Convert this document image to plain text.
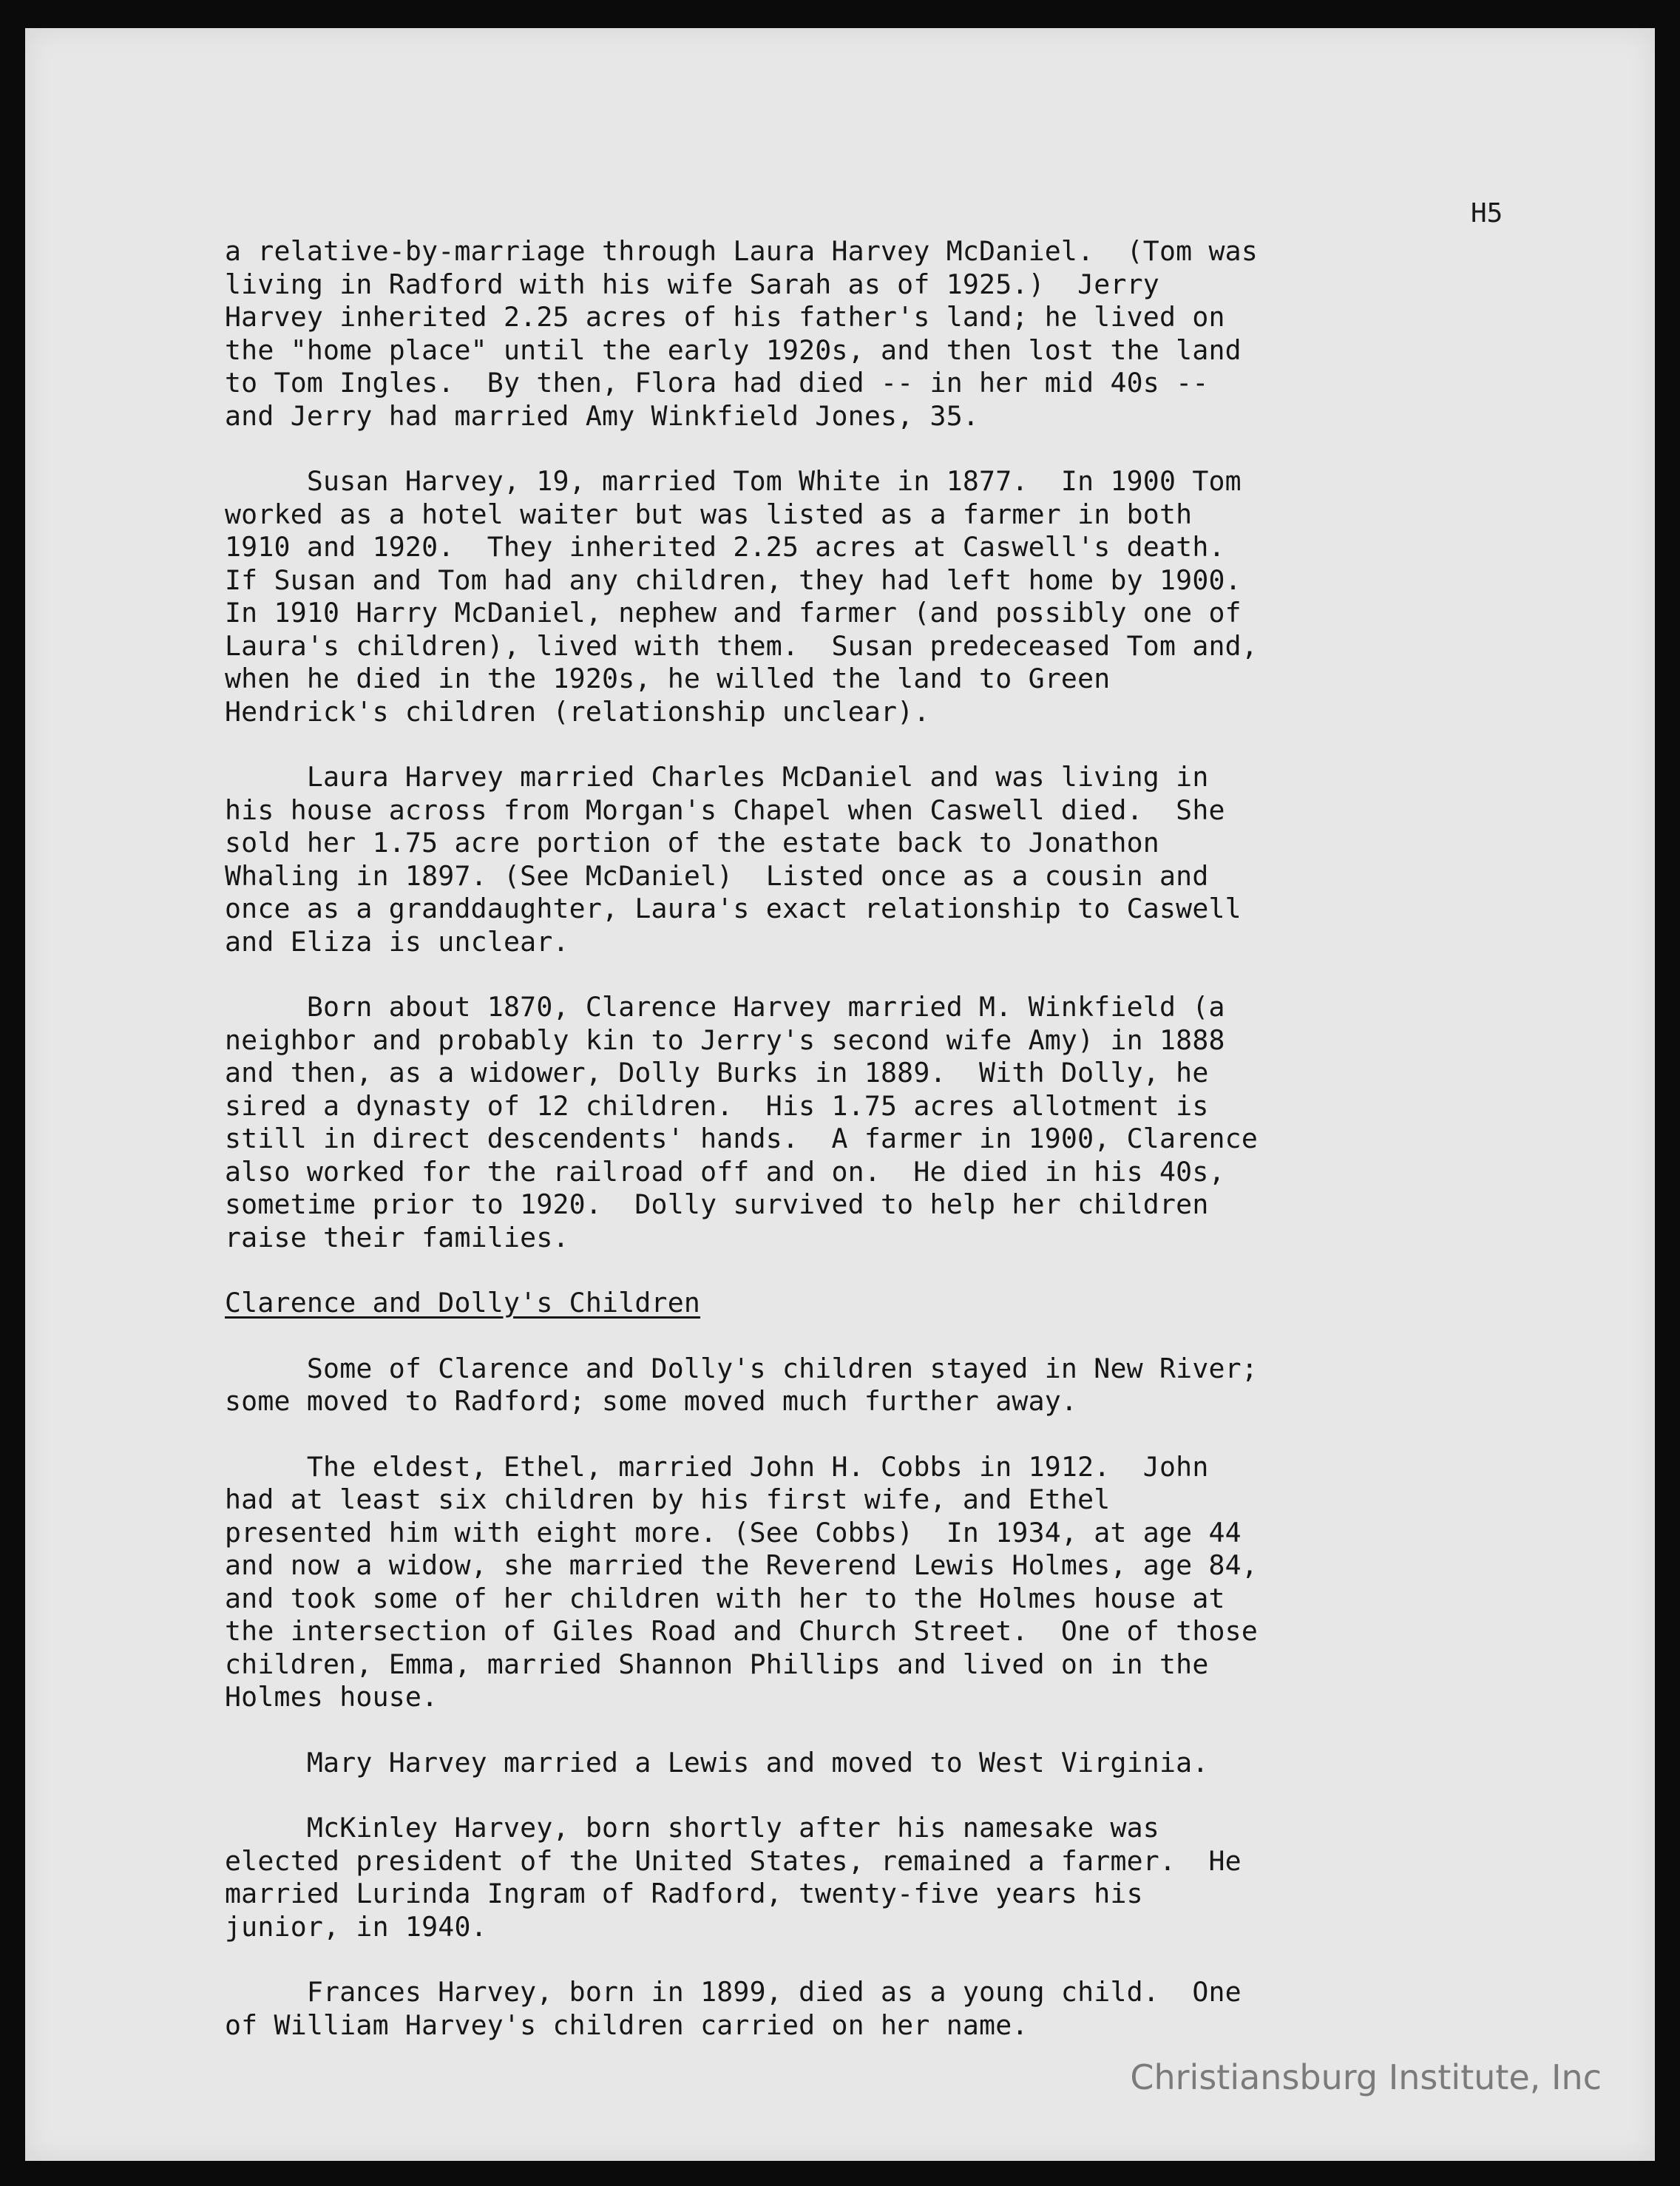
H5
a relative-by-marriage through Laura Harvey McDaniel.  (Tom was
living in Radford with his wife Sarah as of 1925.)  Jerry
Harvey inherited 2.25 acres of his father's land; he lived on
the "home place" until the early 1920s, and then lost the land
to Tom Ingles.  By then, Flora had died -- in her mid 40s --
and Jerry had married Amy Winkfield Jones, 35.
Susan Harvey, 19, married Tom White in 1877.  In 1900 Tom
worked as a hotel waiter but was listed as a farmer in both
1910 and 1920.  They inherited 2.25 acres at Caswell's death.
If Susan and Tom had any children, they had left home by 1900.
In 1910 Harry McDaniel, nephew and farmer (and possibly one of
Laura's children), lived with them.  Susan predeceased Tom and,
when he died in the 1920s, he willed the land to Green
Hendrick's children (relationship unclear).
Laura Harvey married Charles McDaniel and was living in
his house across from Morgan's Chapel when Caswell died.  She
sold her 1.75 acre portion of the estate back to Jonathon
Whaling in 1897. (See McDaniel)  Listed once as a cousin and
once as a granddaughter, Laura's exact relationship to Caswell
and Eliza is unclear.
Born about 1870, Clarence Harvey married M. Winkfield (a
neighbor and probably kin to Jerry's second wife Amy) in 1888
and then, as a widower, Dolly Burks in 1889.  With Dolly, he
sired a dynasty of 12 children.  His 1.75 acres allotment is
still in direct descendents' hands.  A farmer in 1900, Clarence
also worked for the railroad off and on.  He died in his 40s,
sometime prior to 1920.  Dolly survived to help her children
raise their families.
Clarence and Dolly's Children
Some of Clarence and Dolly's children stayed in New River;
some moved to Radford; some moved much further away.
The eldest, Ethel, married John H. Cobbs in 1912.  John
had at least six children by his first wife, and Ethel
presented him with eight more. (See Cobbs)  In 1934, at age 44
and now a widow, she married the Reverend Lewis Holmes, age 84,
and took some of her children with her to the Holmes house at
the intersection of Giles Road and Church Street.  One of those
children, Emma, married Shannon Phillips and lived on in the
Holmes house.
Mary Harvey married a Lewis and moved to West Virginia.
McKinley Harvey, born shortly after his namesake was
elected president of the United States, remained a farmer.  He
married Lurinda Ingram of Radford, twenty-five years his
junior, in 1940.
Frances Harvey, born in 1899, died as a young child.  One
of William Harvey's children carried on her name.
Christiansburg Institute, Inc
